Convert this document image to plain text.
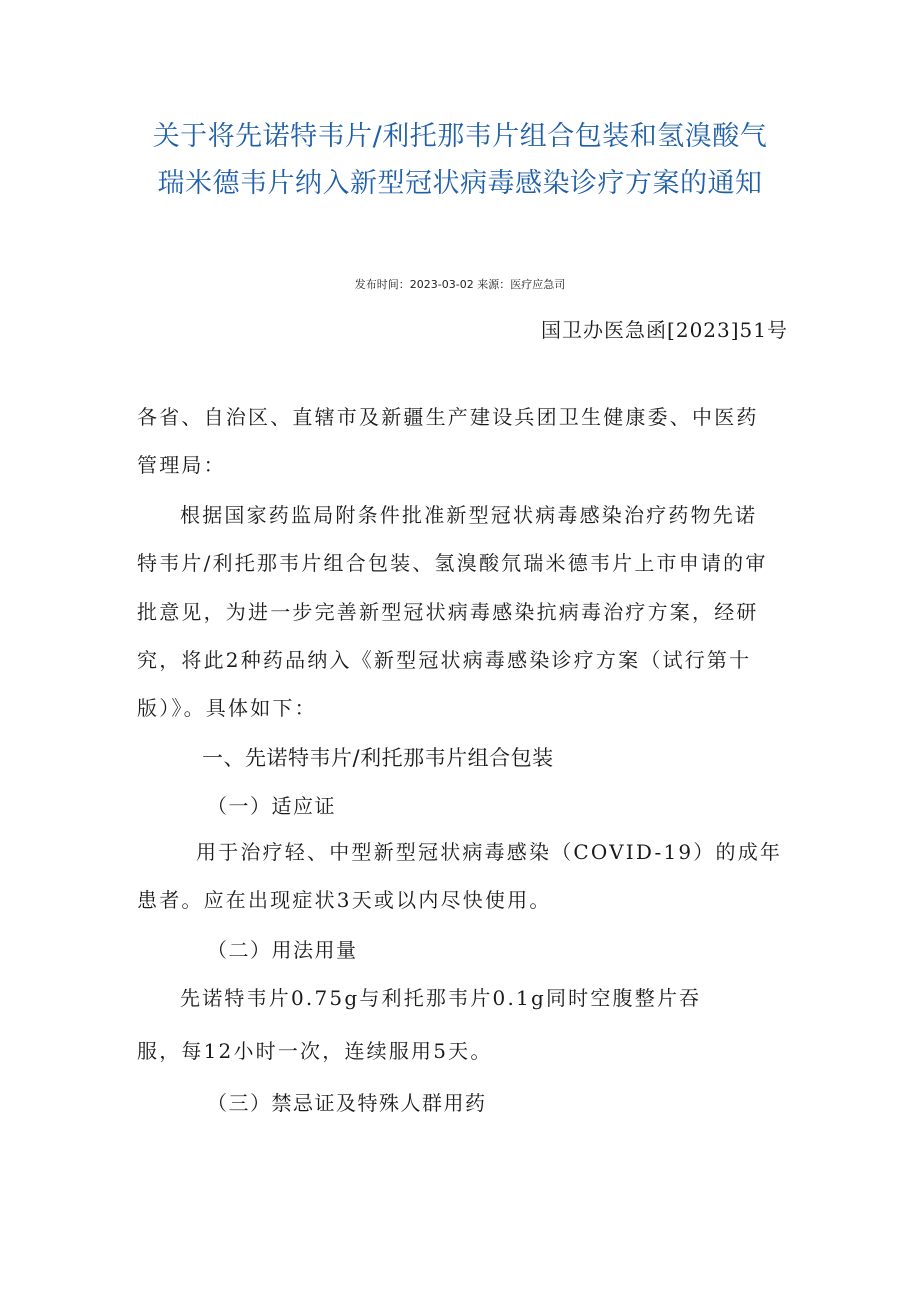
关于将先诺特韦片/利托那韦片组合包装和氢溴酸气
瑞米德韦片纳入新型冠状病毒感染诊疗方案的通知
发布时间：2023-03-02 来源：医疗应急司
国卫办医急函[2023]51号
各省、自治区、直辖市及新疆生产建设兵团卫生健康委、中医药
管理局：
根据国家药监局附条件批准新型冠状病毒感染治疗药物先诺
特韦片/利托那韦片组合包装、氢溴酸氘瑞米德韦片上市申请的审
批意见，为进一步完善新型冠状病毒感染抗病毒治疗方案，经研
究，将此2种药品纳入《新型冠状病毒感染诊疗方案（试行第十
版）》。具体如下：
一、先诺特韦片/利托那韦片组合包装
（一）适应证
用于治疗轻、中型新型冠状病毒感染（COVID-19）的成年
患者。应在出现症状3天或以内尽快使用。
（二）用法用量
先诺特韦片0.75g与利托那韦片0.1g同时空腹整片吞
服，每12小时一次，连续服用5天。
（三）禁忌证及特殊人群用药
